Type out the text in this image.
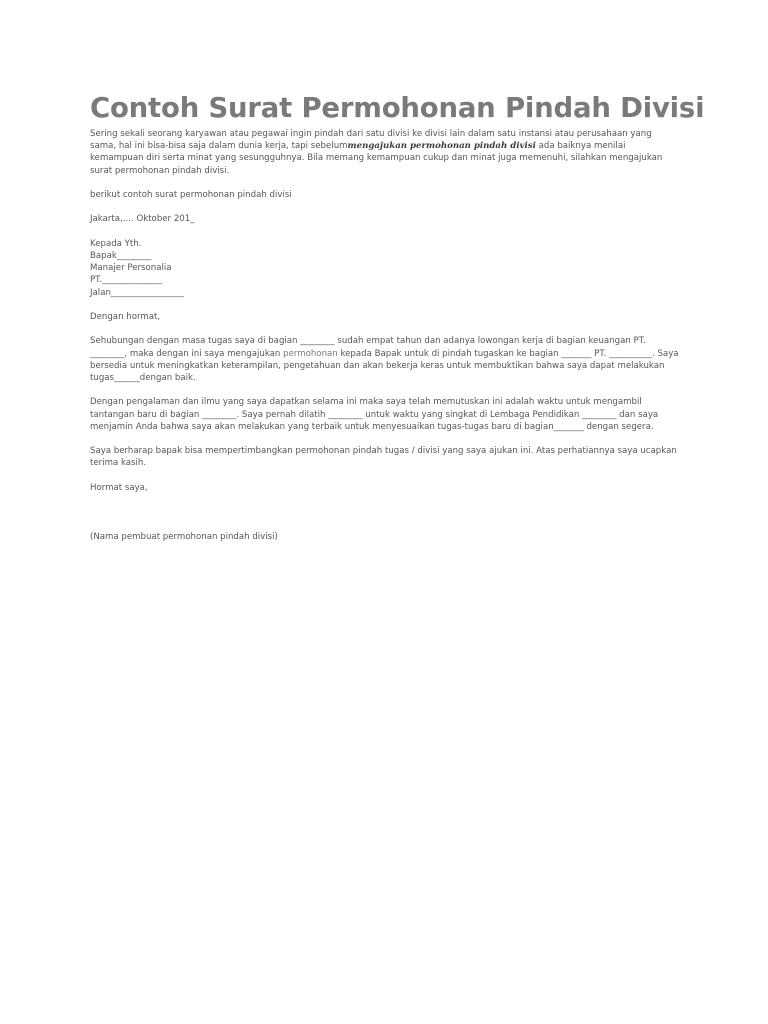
Contoh Surat Permohonan Pindah Divisi

Sering sekali seorang karyawan atau pegawai ingin pindah dari satu divisi ke divisi lain dalam satu instansi atau perusahaan yang sama, hal ini bisa-bisa saja dalam dunia kerja, tapi sebelummengajukan permohonan pindah divisi ada baiknya menilai kemampuan diri serta minat yang sesungguhnya. Bila memang kemampuan cukup dan minat juga memenuhi, silahkan mengajukan surat permohonan pindah divisi.

berikut contoh surat permohonan pindah divisi

Jakarta,.... Oktober 201_

Kepada Yth.
Bapak________
Manajer Personalia
PT.______________
Jalan_________________

Dengan hormat,

Sehubungan dengan masa tugas saya di bagian ________ sudah empat tahun dan adanya lowongan kerja di bagian keuangan PT. ________, maka dengan ini saya mengajukan permohonan kepada Bapak untuk di pindah tugaskan ke bagian _______ PT. __________. Saya bersedia untuk meningkatkan keterampilan, pengetahuan dan akan bekerja keras untuk membuktikan bahwa saya dapat melakukan tugas______dengan baik.

Dengan pengalaman dan ilmu yang saya dapatkan selama ini maka saya telah memutuskan ini adalah waktu untuk mengambil tantangan baru di bagian ________. Saya pernah dilatih ________ untuk waktu yang singkat di Lembaga Pendidikan ________ dan saya menjamin Anda bahwa saya akan melakukan yang terbaik untuk menyesuaikan tugas-tugas baru di bagian_______ dengan segera.

Saya berharap bapak bisa mempertimbangkan permohonan pindah tugas / divisi yang saya ajukan ini. Atas perhatiannya saya ucapkan terima kasih.

Hormat saya,

(Nama pembuat permohonan pindah divisi)
